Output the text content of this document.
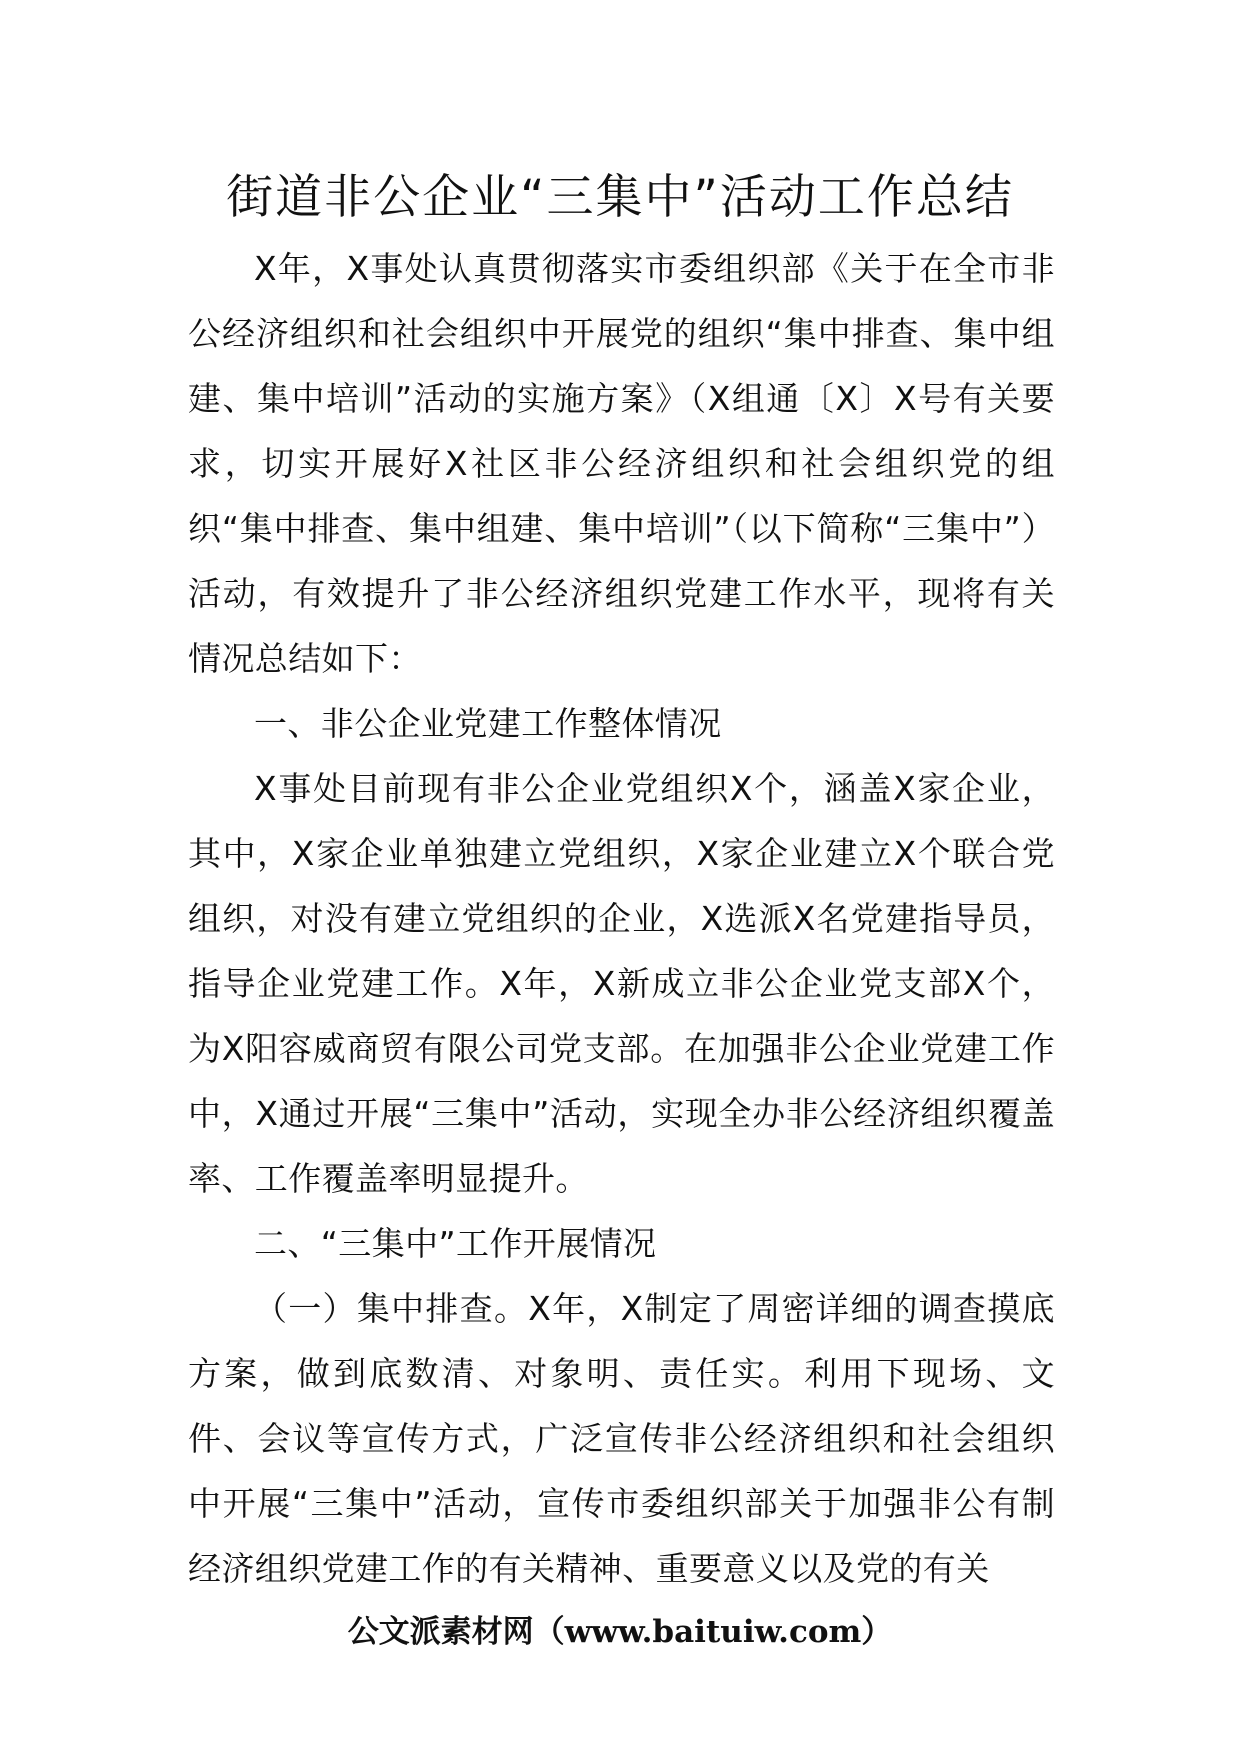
街道非公企业“三集中”活动工作总结

X年，X事处认真贯彻落实市委组织部《关于在全市非公经济组织和社会组织中开展党的组织“集中排查、集中组建、集中培训”活动的实施方案》（X组通〔X〕X号有关要求，切实开展好X社区非公经济组织和社会组织党的组织“集中排查、集中组建、集中培训”（以下简称“三集中”）活动，有效提升了非公经济组织党建工作水平，现将有关情况总结如下：

一、非公企业党建工作整体情况

X事处目前现有非公企业党组织X个，涵盖X家企业，其中，X家企业单独建立党组织，X家企业建立X个联合党组织，对没有建立党组织的企业，X选派X名党建指导员，指导企业党建工作。X年，X新成立非公企业党支部X个，为X阳容威商贸有限公司党支部。在加强非公企业党建工作中，X通过开展“三集中”活动，实现全办非公经济组织覆盖率、工作覆盖率明显提升。

二、“三集中”工作开展情况

（一）集中排查。X年，X制定了周密详细的调查摸底方案，做到底数清、对象明、责任实。利用下现场、文件、会议等宣传方式，广泛宣传非公经济组织和社会组织中开展“三集中”活动，宣传市委组织部关于加强非公有制经济组织党建工作的有关精神、重要意义以及党的有关

公文派素材网（www.baituiw.com）
